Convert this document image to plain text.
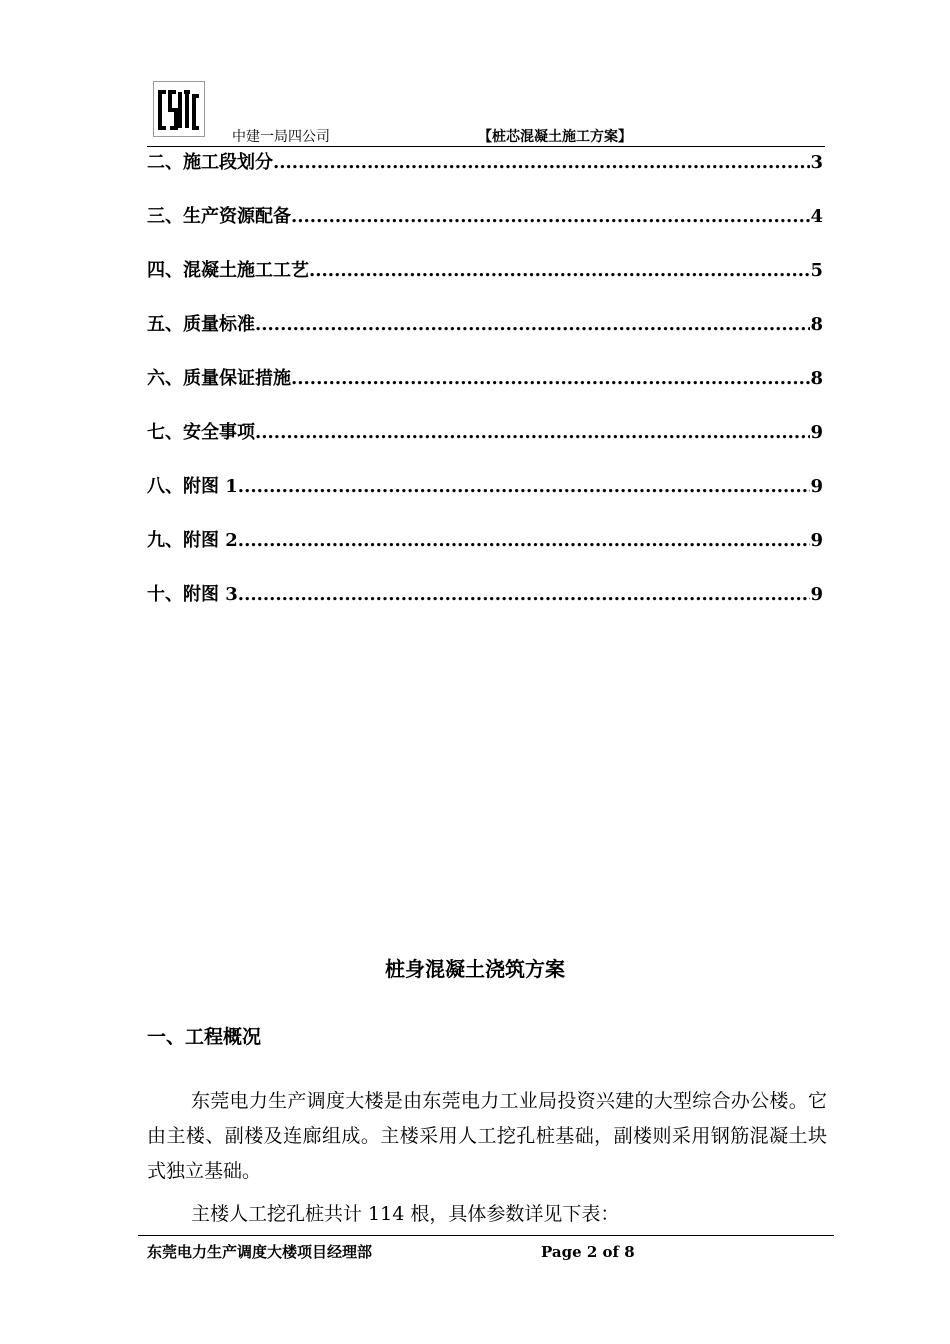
中建一局四公司	【桩芯混凝土施工方案】
二、施工段划分 .....	3
三、生产资源配备 .....	4
四、混凝土施工工艺 .....	5
五、质量标准 .....	8
六、质量保证措施 .....	8
七、安全事项 .....	9
八、附图 1 .....	9
九、附图 2 .....	9
十、附图 3 .....	9
桩身混凝土浇筑方案
一、工程概况

东莞电力生产调度大楼是由东莞电力工业局投资兴建的大型综合办公楼。它由主楼、副楼及连廊组成。主楼采用人工挖孔桩基础，副楼则采用钢筋混凝土块式独立基础。

主楼人工挖孔桩共计 114 根，具体参数详见下表：

东莞电力生产调度大楼项目经理部	Page 2 of 8
